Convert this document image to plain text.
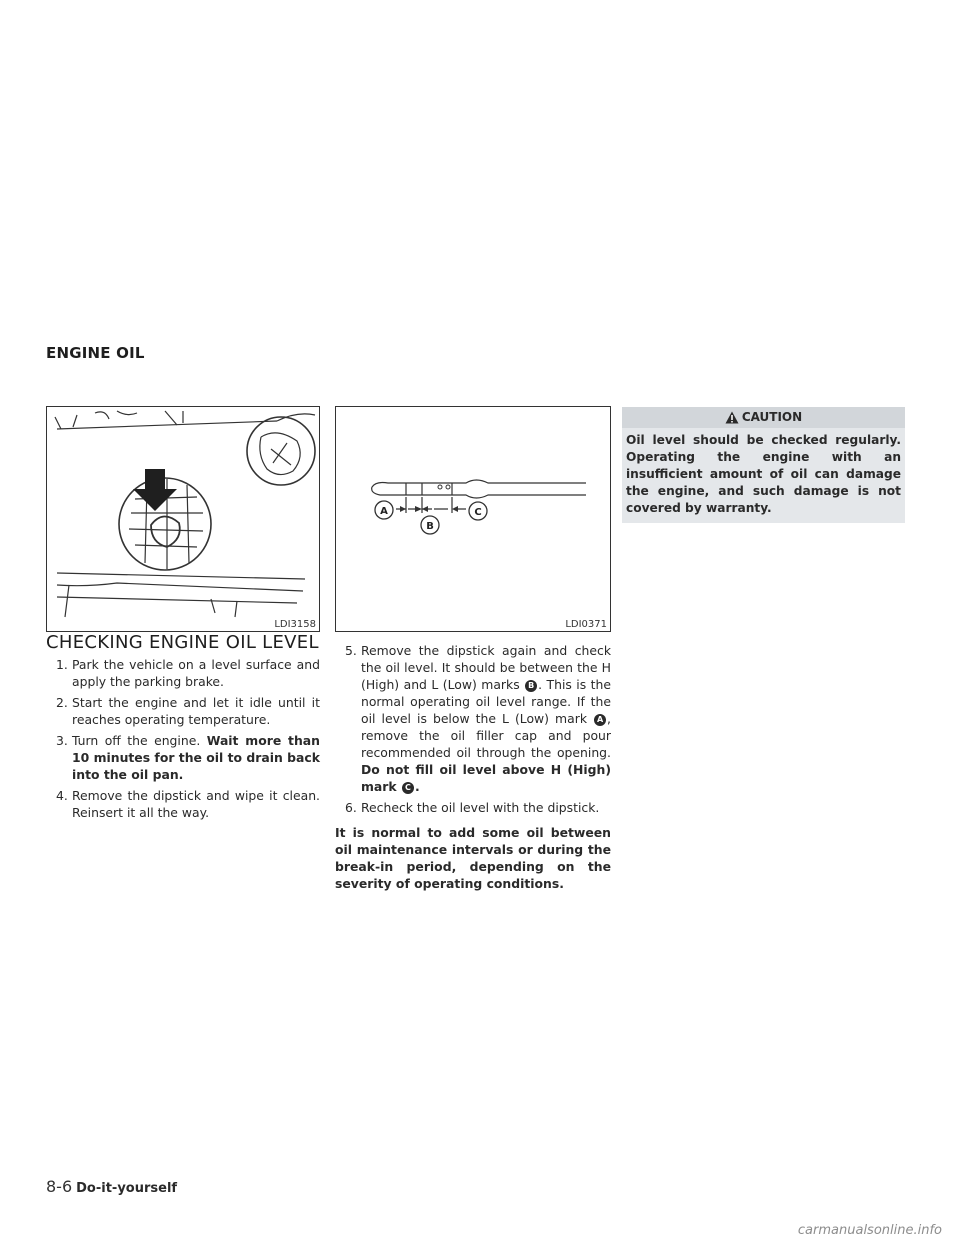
ENGINE OIL
LDI3158
A
B
C
LDI0371
CHECKING ENGINE OIL LEVEL
1. Park the vehicle on a level surface and apply the parking brake.
2. Start the engine and let it idle until it reaches operating temperature.
3. Turn off the engine. Wait more than 10 minutes for the oil to drain back into the oil pan.
4. Remove the dipstick and wipe it clean. Reinsert it all the way.
5. Remove the dipstick again and check the oil level. It should be between the H (High) and L (Low) marks B . This is the normal operating oil level range. If the oil level is below the L (Low) mark A , remove the oil filler cap and pour recommended oil through the opening. Do not fill oil level above H (High) mark C .
6. Recheck the oil level with the dipstick.
It is normal to add some oil between oil maintenance intervals or during the break-in period, depending on the severity of operating conditions.
CAUTION
Oil level should be checked regularly. Operating the engine with an insufficient amount of oil can damage the engine, and such damage is not covered by warranty.
8-6 Do-it-yourself
carmanualsonline.info
